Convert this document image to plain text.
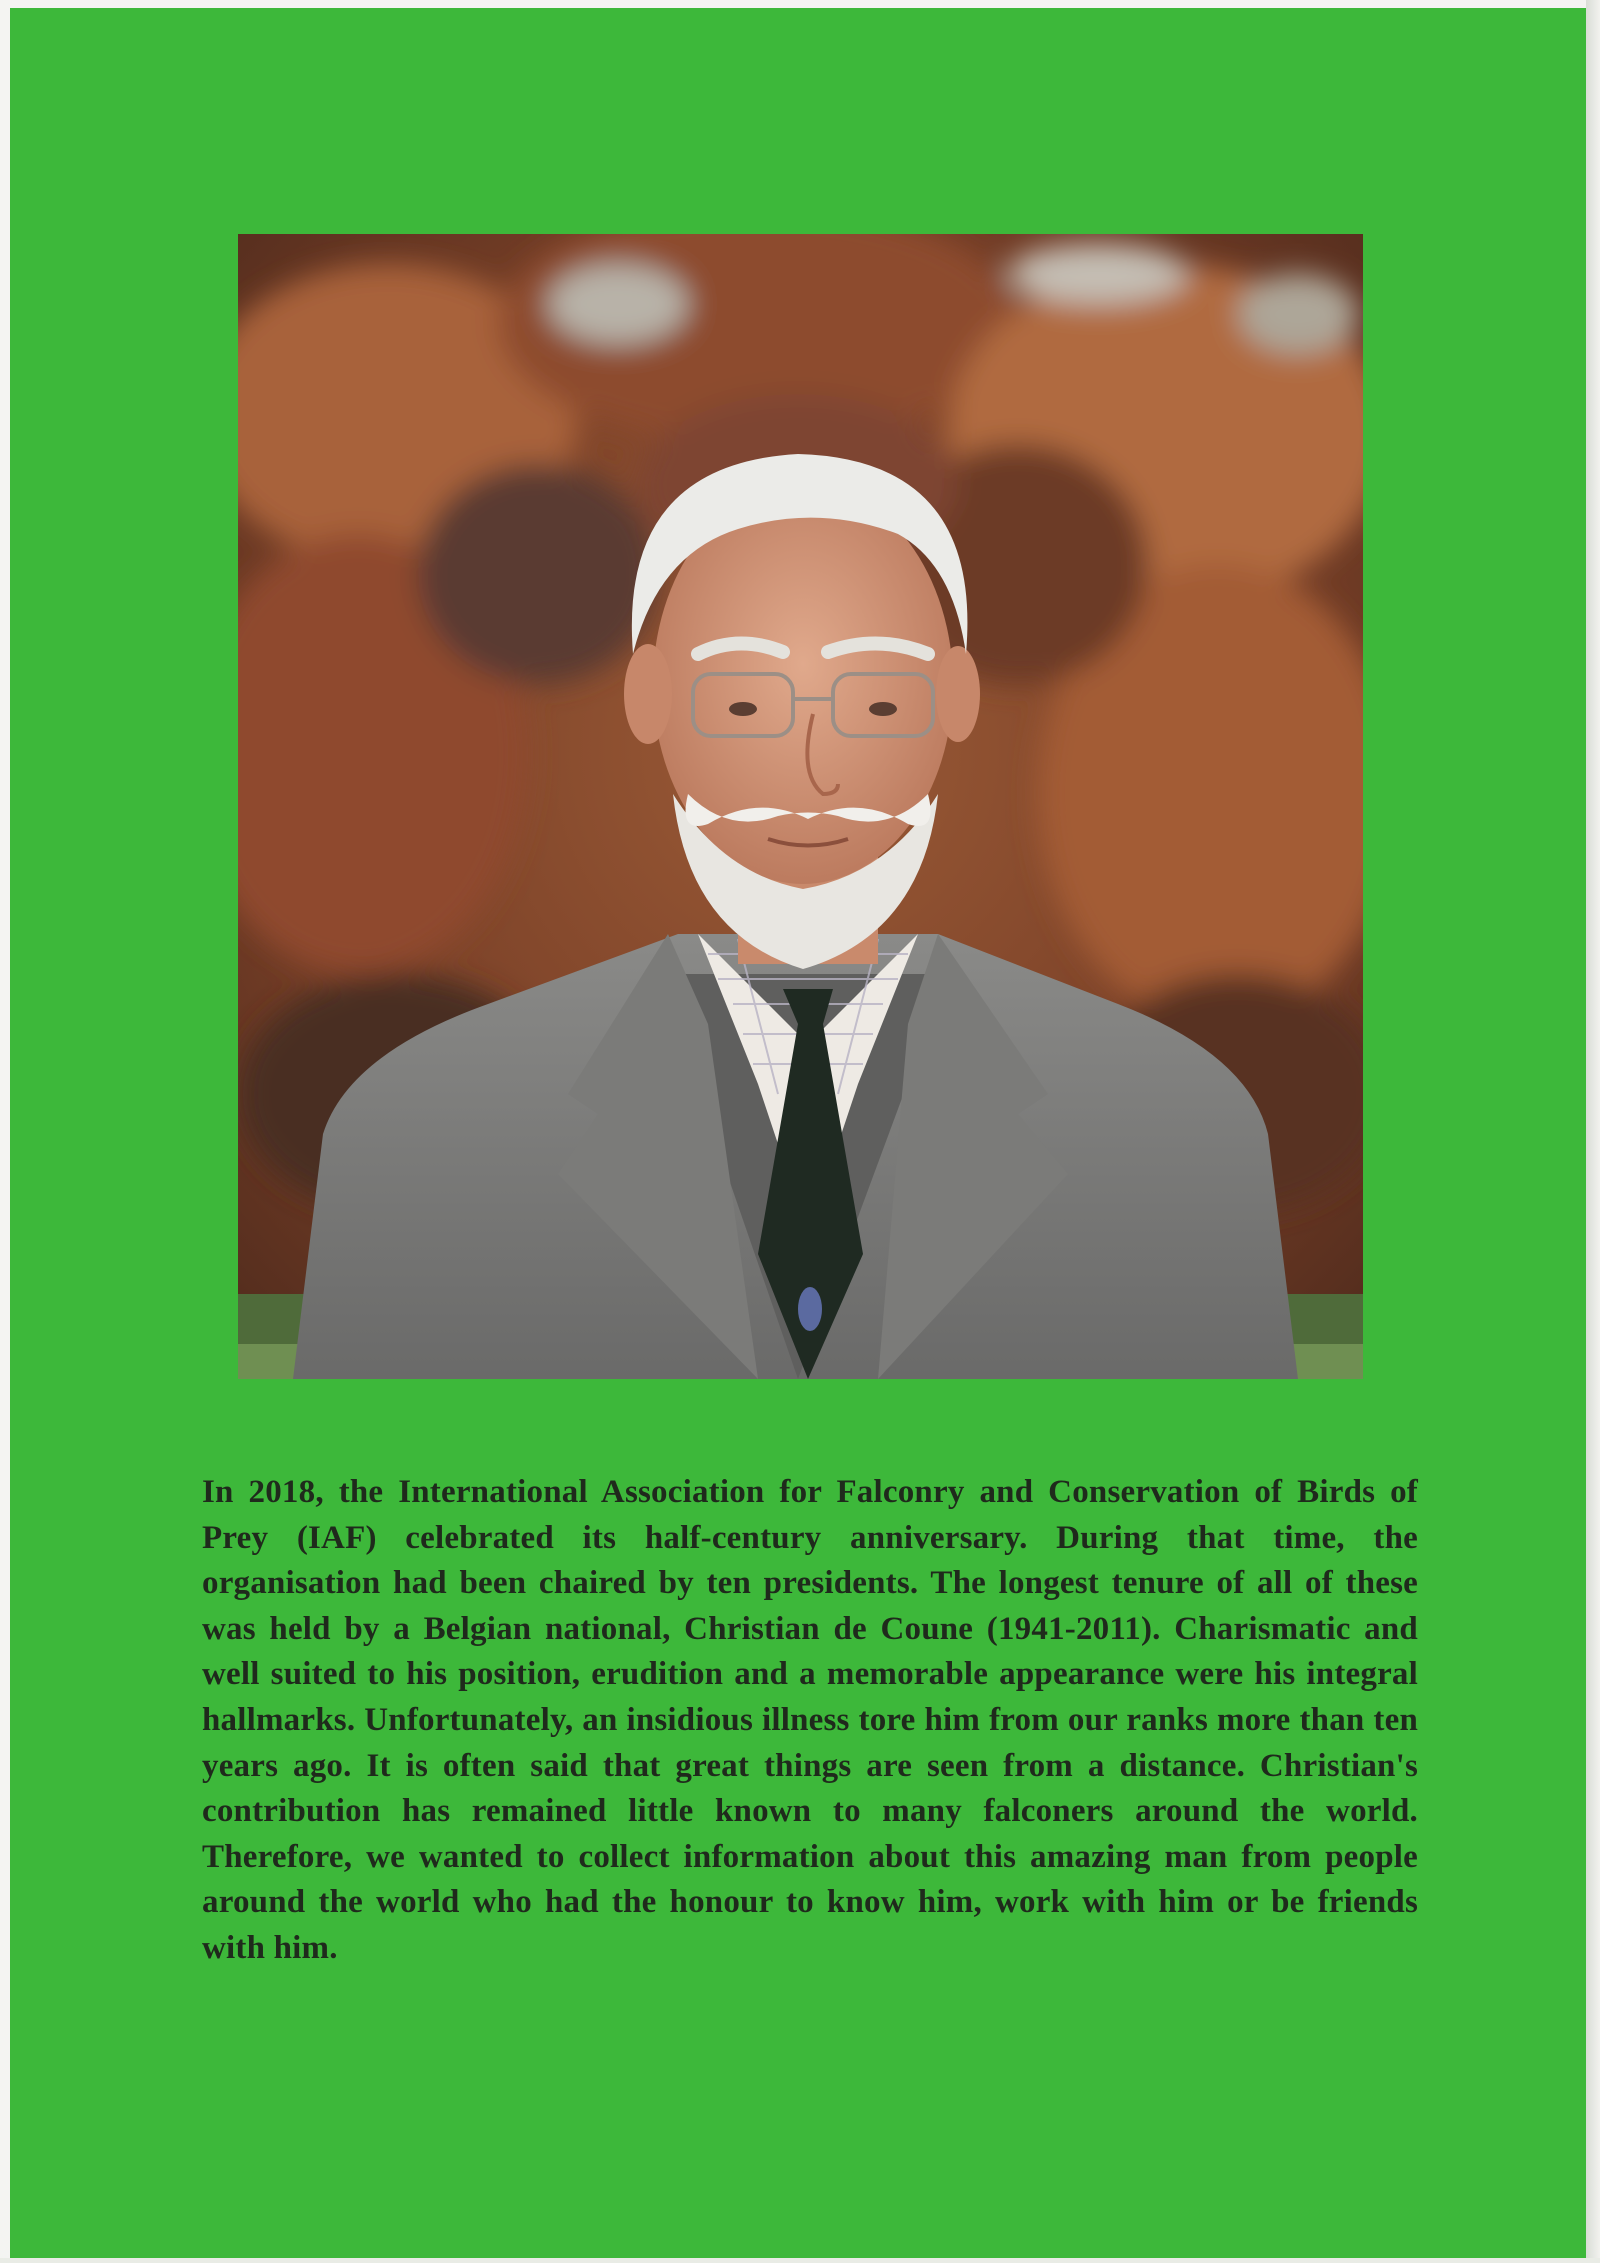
In 2018, the International Association for Falconry and Conservation of Birds of Prey (IAF) celebrated its half-century anniversary. During that time, the organisation had been chaired by ten presidents. The longest tenure of all of these was held by a Belgian national, Christian de Coune (1941-2011). Charismatic and well suited to his position, erudition and a memorable appearance were his integral hallmarks. Unfortunately, an insidious illness tore him from our ranks more than ten years ago. It is often said that great things are seen from a distance. Christian's contribution has remained little known to many falconers around the world. Therefore, we wanted to collect information about this amazing man from people around the world who had the honour to know him, work with him or be friends with him.
